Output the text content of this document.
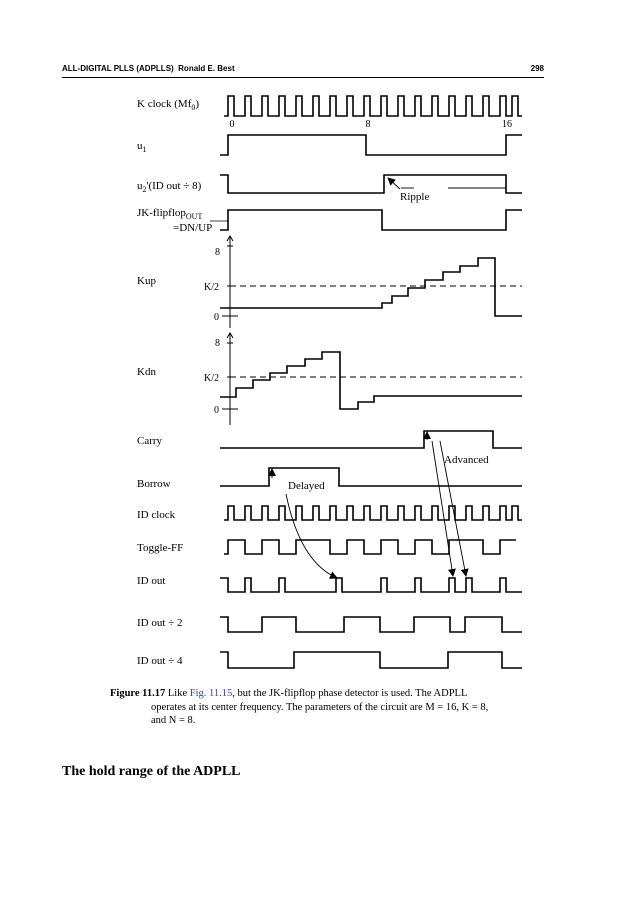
ALL-DIGITAL PLLS (ADPLLS) Ronald E. Best	298
K clock $(Mf_0)$
$u_1$
$u_2'(ID$ out ÷ 8)
JK-flipflop$_{OUT}$
=DN/UP
Kup
Kdn
Carry
Borrow
ID clock
Toggle-FF
ID out
ID out ÷ 2
ID out ÷ 4
0	8	16
8
K/2
0
8
K/2
0
Ripple
Advanced
Delayed
Figure 11.17 Like Fig. 11.15, but the JK-flipflop phase detector is used. The ADPLL
operates at its center frequency. The parameters of the circuit are M = 16, K = 8,
and N = 8.
The hold range of the ADPLL
